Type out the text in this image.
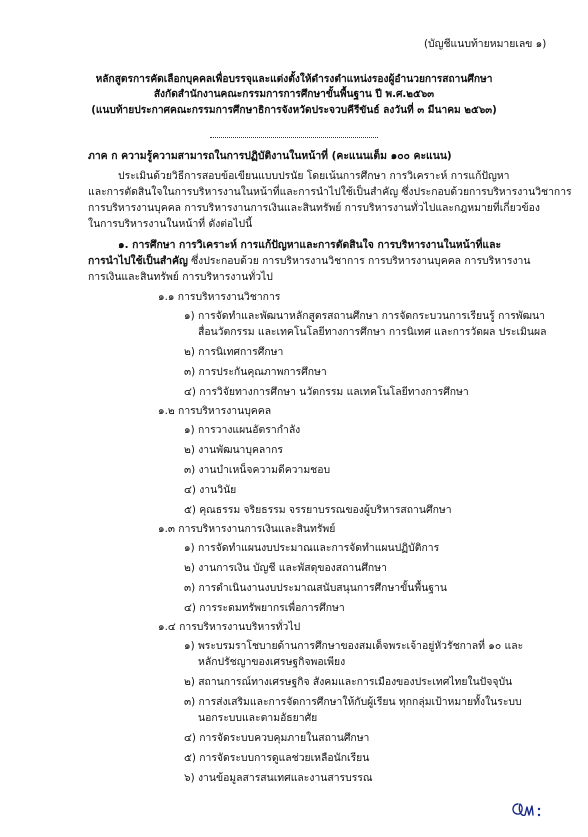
(บัญชีแนบท้ายหมายเลข ๑)
หลักสูตรการคัดเลือกบุคคลเพื่อบรรจุและแต่งตั้งให้ดำรงตำแหน่งรองผู้อำนวยการสถานศึกษา
สังกัดสำนักงานคณะกรรมการการศึกษาขั้นพื้นฐาน ปี พ.ศ.๒๕๖๓
(แนบท้ายประกาศคณะกรรมการศึกษาธิการจังหวัดประจวบคีรีขันธ์ ลงวันที่ ๓ มีนาคม ๒๕๖๓)
ภาค ก ความรู้ความสามารถในการปฏิบัติงานในหน้าที่ (คะแนนเต็ม ๑๐๐ คะแนน)
ประเมินด้วยวิธีการสอบข้อเขียนแบบปรนัย โดยเน้นการศึกษา การวิเคราะห์ การแก้ปัญหา
และการตัดสินใจในการบริหารงานในหน้าที่และการนำไปใช้เป็นสำคัญ ซึ่งประกอบด้วยการบริหารงานวิชาการ
การบริหารงานบุคคล การบริหารงานการเงินและสินทรัพย์ การบริหารงานทั่วไปและกฎหมายที่เกี่ยวข้อง
ในการบริหารงานในหน้าที่ ดังต่อไปนี้
๑. การศึกษา การวิเคราะห์ การแก้ปัญหาและการตัดสินใจ การบริหารงานในหน้าที่และ
การนำไปใช้เป็นสำคัญ ซึ่งประกอบด้วย การบริหารงานวิชาการ การบริหารงานบุคคล การบริหารงาน
การเงินและสินทรัพย์ การบริหารงานทั่วไป
๑.๑ การบริหารงานวิชาการ
๑) การจัดทำและพัฒนาหลักสูตรสถานศึกษา การจัดกระบวนการเรียนรู้ การพัฒนา
สื่อนวัตกรรม และเทคโนโลยีทางการศึกษา การนิเทศ และการวัดผล ประเมินผล
๒) การนิเทศการศึกษา
๓) การประกันคุณภาพการศึกษา
๔) การวิจัยทางการศึกษา นวัตกรรม แลเทคโนโลยีทางการศึกษา
๑.๒ การบริหารงานบุคคล
๑) การวางแผนอัตรากำลัง
๒) งานพัฒนาบุคลากร
๓) งานบำเหน็จความดีความชอบ
๔) งานวินัย
๕) คุณธรรม จริยธรรม จรรยาบรรณของผู้บริหารสถานศึกษา
๑.๓ การบริหารงานการเงินและสินทรัพย์
๑) การจัดทำแผนงบประมาณและการจัดทำแผนปฏิบัติการ
๒) งานการเงิน บัญชี และพัสดุของสถานศึกษา
๓) การดำเนินงานงบประมาณสนับสนุนการศึกษาขั้นพื้นฐาน
๔) การระดมทรัพยากรเพื่อการศึกษา
๑.๔ การบริหารงานบริหารทั่วไป
๑) พระบรมราโชบายด้านการศึกษาของสมเด็จพระเจ้าอยู่หัวรัชกาลที่ ๑๐ และ
หลักปรัชญาของเศรษฐกิจพอเพียง
๒) สถานการณ์ทางเศรษฐกิจ สังคมและการเมืองของประเทศไทยในปัจจุบัน
๓) การส่งเสริมและการจัดการศึกษาให้กับผู้เรียน ทุกกลุ่มเป้าหมายทั้งในระบบ
นอกระบบและตามอัธยาศัย
๔) การจัดระบบควบคุมภายในสถานศึกษา
๕) การจัดระบบการดูแลช่วยเหลือนักเรียน
๖) งานข้อมูลสารสนเทศและงานสารบรรณ
